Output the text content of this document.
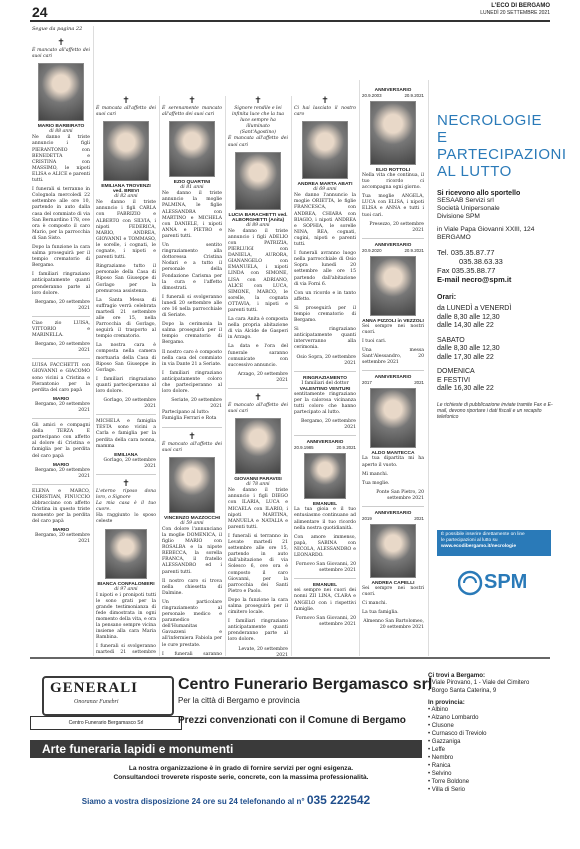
24	L'ECO DI BERGAMO
LUNEDÌ 20 SETTEMBRE 2021
Segue da pagina 22
✝
È mancato all'affetto dei suoi cari
MARIO BARBIRATO
di 88 anni

Ne danno il triste annuncio i figli PIERANTONIO con BENEDETTA e CRISTINA con MASSIMO, le nipoti ELISA e ALICE e parenti tutti.

I funerali si terranno in Colognola mercoledì 22 settembre alle ore 10, partendo in auto dalla casa del commiato di via San Bernardino 178, ove ora è composto il caro Mario, per la parrocchia di San Sisto.

Dopo la funzione la cara salma proseguirà per il tempio crematorio di Bergamo.

I familiari ringraziano anticipatamente quanti prenderanno parte al loro dolore.

Bergamo, 20 settembre 2021

Ciao zio LUISA, VITTORIO e MARINELLA.

Bergamo, 20 settembre 2021

LUISA FACCHETTI con GIOVANNI e GIACOMO sono vicini a Cristina e Pierantonio per la perdita del caro papà

MARIO
Bergamo, 20 settembre 2021

Gli amici e compagni della TERZA E partecipano con affetto al dolore di Cristina e famiglia per la perdita del caro papà

MARIO
Bergamo, 20 settembre 2021

ELENA e MARCO, CHRISTIAN, FINUCCIO abbracciano con affetto Cristina in questo triste momento per la perdita del caro papà

MARIO
Bergamo, 20 settembre 2021
✝
È mancata all'affetto dei suoi cari
EMILIANA TROVENZI ved. BREVI
di 82 anni

Ne danno il triste annuncio i figli CARLA con FABRIZIO e ALBERTO con SILVIA, i nipoti FEDERICA, MARIO, ANDREA, GIOVANNI e TOMMASO, le sorelle, i cognati, le cognate, i nipoti e parenti tutti.

Ringraziamo tutto il personale della Casa di Riposo San Giuseppe di Gorlago per la premurosa assistenza.

La Santa Messa di suffragio verrà celebrata martedì 21 settembre alle ore 15, nella Parrocchia di Gorlago, seguirà il trasporto al tempio crematorio.

La nostra cara è composta nella camera mortuaria della Casa di Riposo San Giuseppe in Gorlago.

I familiari ringraziano quanti parteciperanno al loro dolore.

Gorlago, 20 settembre 2021

MICHELA e famiglia TESTA sono vicini a Carla e famiglia per la perdita della cara nonna, mamma

EMILIANA
Gorlago, 20 settembre 2021
✝
L'eterno riposo dona loro, o Signore
La mia casa è il tuo cuore.
Ha raggiunto lo sposo celeste
BIANCA CONFALONIERI
di 97 anni

I nipoti e i pronipoti tutti le sono grati per la grande testimonianza di fede dimostrata in ogni momento della vita, e ora la pensano sempre vicina insieme alla cara Maria Bambina.

I funerali si svolgeranno martedì 21 settembre

✝
È serenamente mancato all'affetto dei suoi cari
EZIO QUARTINI
di 81 anni

Ne danno il triste annuncio la moglie PALMINA, le figlie ALESSANDRA con MARTINO e MICHELA con DANIELE, i nipoti ANNA e PIETRO e parenti tutti.

Un sentito ringraziamento alla dottoressa Cristina Nodari e a tutto il personale della Fondazione Carisma per la cura e l'affetto dimostrati.

I funerali si svolgeranno lunedì 20 settembre alle ore 16 nella parrocchiale di Seriate.

Dopo la cerimonia la salma proseguirà per il tempio crematorio di Bergamo.

Il nostro caro è composto nella casa del commiato in via Dante 21 a Seriate.

I familiari ringraziano anticipatamente coloro che parteciperanno al loro dolore.

Seriate, 20 settembre 2021
Partecipano al lutto:
Famiglia Ferrari e Rota
✝
È mancato all'affetto dei suoi cari
VINCENZO MAZZOCCHI
di 59 anni

Con dolore l'annunciano la moglie DOMENICA, il figlio MARIO con ROSALBA e la nipote REBECCA, la sorella FRANCA, il fratello ALESSANDRO ed i parenti tutti.

Il nostro caro si trova nella chiesetta di Dalmine.

Un particolare ringraziamento al personale medico e paramedico dell'Humanitas Gavazzeni e all'infermiera Fabiola per le cure prestate.

I funerali saranno

✝
Signore rendile e lei infinita luce che la tua luce sempre ha illuminato
(Sant'Agostino)
È mancata all'affetto dei suoi cari
LUCIA BARACHETTI ved. ALBORGHETTI (Anita)
di 89 anni

Ne danno il triste annuncio i figli ADELIO con PATRIZIA, PIERLUIGI con DANIELA, AURORA, GIANANGELO con EMANUELA, i nipoti LINDA con SIMONE, LISA con ADRIANO, ALICE con LUCA, SIMONE, MARCO, le sorelle, la cognata OTTAVIA, i nipoti e parenti tutti.

La cara Anita è composta nella propria abitazione di via Alcide de Gasperi in Arzago.

La data e l'ora del funerale saranno comunicate con successivo annuncio.

Arzago, 20 settembre 2021
✝
È mancato all'affetto dei suoi cari
GIOVANNI PARAVISI
di 78 anni

Ne danno il triste annuncio i figli DIEGO con ILARIA, LUCA e MICAELA con ILARIO, i nipoti MARTINA, MANUELA e NATALIA e parenti tutti.

I funerali si terranno in Levate martedì 21 settembre alle ore 15, partendo in auto dall'abitazione di via Solesco 6, ove ora è composto il caro Giovanni, per la parrocchia dei Santi Pietro e Paolo.

Dopo la funzione la cara salma proseguirà per il cimitero locale.

I familiari ringraziano anticipatamente quanti prenderanno parte al loro dolore.

Levate, 20 settembre 2021
✝
Ci hai lasciato il nostro caro
ANDREA MARTA ABATI
di 69 anni

Ne danno l'annuncio la moglie ORIETTA, le figlie FRANCESCA, con ANDREA, CHIARA con BIAGIO, i nipoti ANDREA e SOPHIA, le sorelle NINA, REA, cognati, cugini, nipoti e parenti tutti.

I funerali avranno luogo nella parrocchiale di Osio Sopra lunedì 20 settembre alle ore 15 partendo dall'abitazione di via Forni 6.

Con un ricordo e in tanto affetto.

Si proseguirà per il tempio crematorio di Bergamo.

Si ringraziano anticipatamente quanti interverranno alla cerimonia.

Osio Sopra, 20 settembre 2021
RINGRAZIAMENTO
I familiari del dottor
VALENTINO VENTURI

sentitamente ringraziano per la calorosa vicinanza tutti coloro che hanno partecipato al lutto.

Bergamo, 20 settembre 2021
ANNIVERSARIO
20.9.1985	20.9.2021
EMANUEL

La tua gioia e il tuo entusiasmo continuano ad alimentare il tuo ricordo nella nostra quotidianità.

Con amore immenso, papà, SABINA con NICOLA, ALESSANDRO e LEONARDO.

Fornovo San Giovanni, 20 settembre 2021
EMANUEL

sei sempre nei cuori dei nonni ZII LINA, CLARA e ANGELO con i rispettivi famiglie.

Fornovo San Giovanni, 20 settembre 2021
ANNIVERSARIO
20.9.2003	20.9.2021
ELIO ROTTOLI

Nella vita che continua, il tuo ricordo ci accompagna ogni giorno.

Tua moglie ANGELA, LUCA con ELISA, i nipoti ELISA e ANNA e tutti i tuoi cari.

Presezzo, 20 settembre 2021
ANNIVERSARIO
20.9.2020	20.9.2021
ANNA PIZZOLI in VEZZOLI

Sei sempre nei nostri cuori.

I tuoi cari.

Una messa Sant'Alessandro, 20 settembre 2021

ANNIVERSARIO
2017	2021
ALDO MANTECCA

La tua dipartita mi ha aperto il vuoto.

Mi manchi.

Tua moglie.

Ponte San Pietro, 20 settembre 2021
ANNIVERSARIO
2019	2021
ANDREA CAPELLI

Sei sempre nei nostri cuori.

Ci manchi.

La tua famiglia.

Almenno San Bartolomeo, 20 settembre 2021
NECROLOGIE E
PARTECIPAZIONI
AL LUTTO
Si ricevono allo sportello
SESAAB Servizi srl
Società Unipersonale
Divisione SPM
in Viale Papa Giovanni XXIII, 124 BERGAMO
Tel. 035.35.87.77
035.38.63.33
Fax 035.35.88.77
E-mail necro@spm.it
Orari:
da LUNEDÌ a VENERDÌ
dalle 8,30 alle 12,30
dalle 14,30 alle 22
SABATO
dalle 8,30 alle 12,30
dalle 17,30 alle 22
DOMENICA
E FESTIVI
dalle 16,30 alle 22
Le richieste di pubblicazione inviate tramite Fax e E-mail, devono riportare i dati fiscali e un recapito telefonico
È possibile inserire direttamente on line
le partecipazioni al lutto su
www.ecodibergamo.it/necrologie
SPM
GENERALI
Onoranze Funebri
Centro Funerario Bergamasco Srl
Centro Funerario Bergamasco srl
Per la città di Bergamo e provincia
Prezzi convenzionati con il Comune di Bergamo
Arte funeraria lapidi e monumenti
La nostra organizzazione è in grado di fornire servizi per ogni esigenza.
Consultandoci troverete risposte serie, concrete, con la massima professionalità.
Siamo a vostra disposizione 24 ore su 24 telefonando al n° 035 222542
Ci trovi a Bergamo:
• Viale Pirovano, 1 - Viale del Cimitero
• Borgo Santa Caterina, 9
In provincia:
• Albino
• Alzano Lombardo
• Clusone
• Curnasco di Treviolo
• Gazzaniga
• Leffe
• Nembro
• Ranica
• Selvino
• Torre Boldone
• Villa di Serio
